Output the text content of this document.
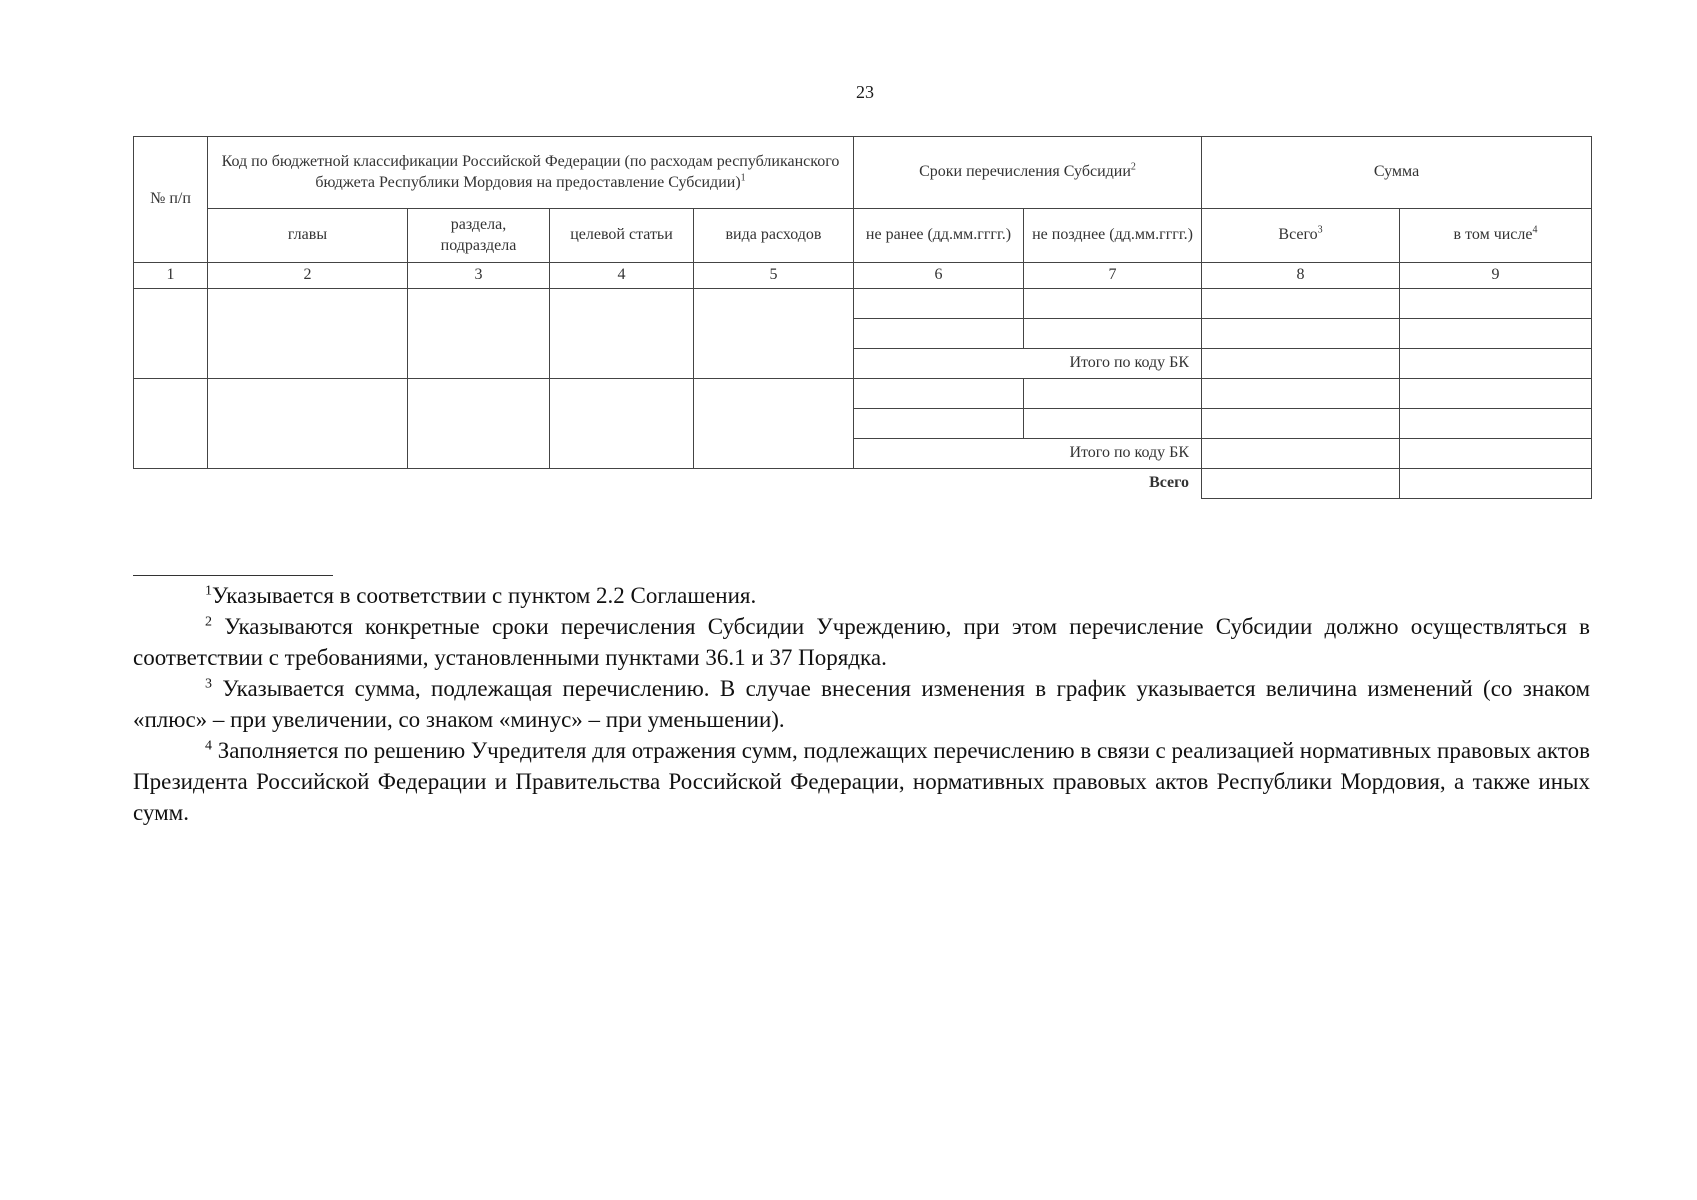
23
№ п/п	Код по бюджетной классификации Российской Федерации (по расходам республиканского бюджета Республики Мордовия на предоставление Субсидии)$^1$				Сроки перечисления Субсидии$^2$		Сумма	
	главы	раздела, подраздела	целевой статьи	вида расходов	не ранее (дд.мм.гггг.)	не позднее (дд.мм.гггг.)	Всего$^3$	в том числе$^4$
1	2	3	4	5	6	7	8	9

					Итого по коду БК			

					Итого по коду БК			
					Всего			

$^1$Указывается в соответствии с пунктом 2.2 Соглашения.

$^2$ Указываются конкретные сроки перечисления Субсидии Учреждению, при этом перечисление Субсидии должно осуществляться в соответствии с требованиями, установленными пунктами 36.1 и 37 Порядка.

$^3$ Указывается сумма, подлежащая перечислению. В случае внесения изменения в график указывается величина изменений (со знаком «плюс» – при увеличении, со знаком «минус» – при уменьшении).

$^4$ Заполняется по решению Учредителя для отражения сумм, подлежащих перечислению в связи с реализацией нормативных правовых актов Президента Российской Федерации и Правительства Российской Федерации, нормативных правовых актов Республики Мордовия, а также иных сумм.
